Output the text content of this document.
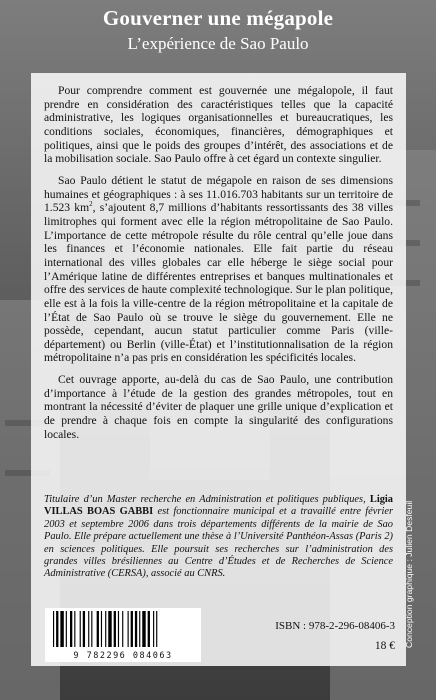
Gouverner une mégapole
L’expérience de Sao Paulo

Pour comprendre comment est gouvernée une mégalopole, il faut prendre en considération des caractéristiques telles que la capacité administrative, les logiques organisationnelles et bureaucratiques, les conditions sociales, économiques, financières, démographiques et politiques, ainsi que le poids des groupes d’intérêt, des associations et de la mobilisation sociale. Sao Paulo offre à cet égard un contexte singulier.

Sao Paulo détient le statut de mégapole en raison de ses dimensions humaines et géographiques : à ses 11.016.703 habitants sur un territoire de 1.523 $km^2$, s’ajoutent 8,7 millions d’habitants ressortissants des 38 villes limitrophes qui forment avec elle la région métropolitaine de Sao Paulo. L’importance de cette métropole résulte du rôle central qu’elle joue dans les finances et l’économie nationales. Elle fait partie du réseau international des villes globales car elle héberge le siège social pour l’Amérique latine de différentes entreprises et banques multinationales et offre des services de haute complexité technologique. Sur le plan politique, elle est à la fois la ville-centre de la région métropolitaine et la capitale de l’État de Sao Paulo où se trouve le siège du gouvernement. Elle ne possède, cependant, aucun statut particulier comme Paris (ville-département) ou Berlin (ville-État) et l’institutionnalisation de la région métropolitaine n’a pas pris en considération les spécificités locales.

Cet ouvrage apporte, au-delà du cas de Sao Paulo, une contribution d’importance à l’étude de la gestion des grandes métropoles, tout en montrant la nécessité d’éviter de plaquer une grille unique d’explication et de prendre à chaque fois en compte la singularité des configurations locales.

Titulaire d’un Master recherche en Administration et politiques publiques, Ligia VILLAS BOAS GABBI est fonctionnaire municipal et a travaillé entre février 2003 et septembre 2006 dans trois départements différents de la mairie de Sao Paulo. Elle prépare actuellement une thèse à l’Université Panthéon-Assas (Paris 2) en sciences politiques. Elle poursuit ses recherches sur l’administration des grandes villes brésiliennes au Centre d’Études et de Recherches de Science Administrative (CERSA), associé au CNRS.	Conception graphique : Julien Desfeuil
9 782296 084063
ISBN : 978-2-296-08406-3
18 €
